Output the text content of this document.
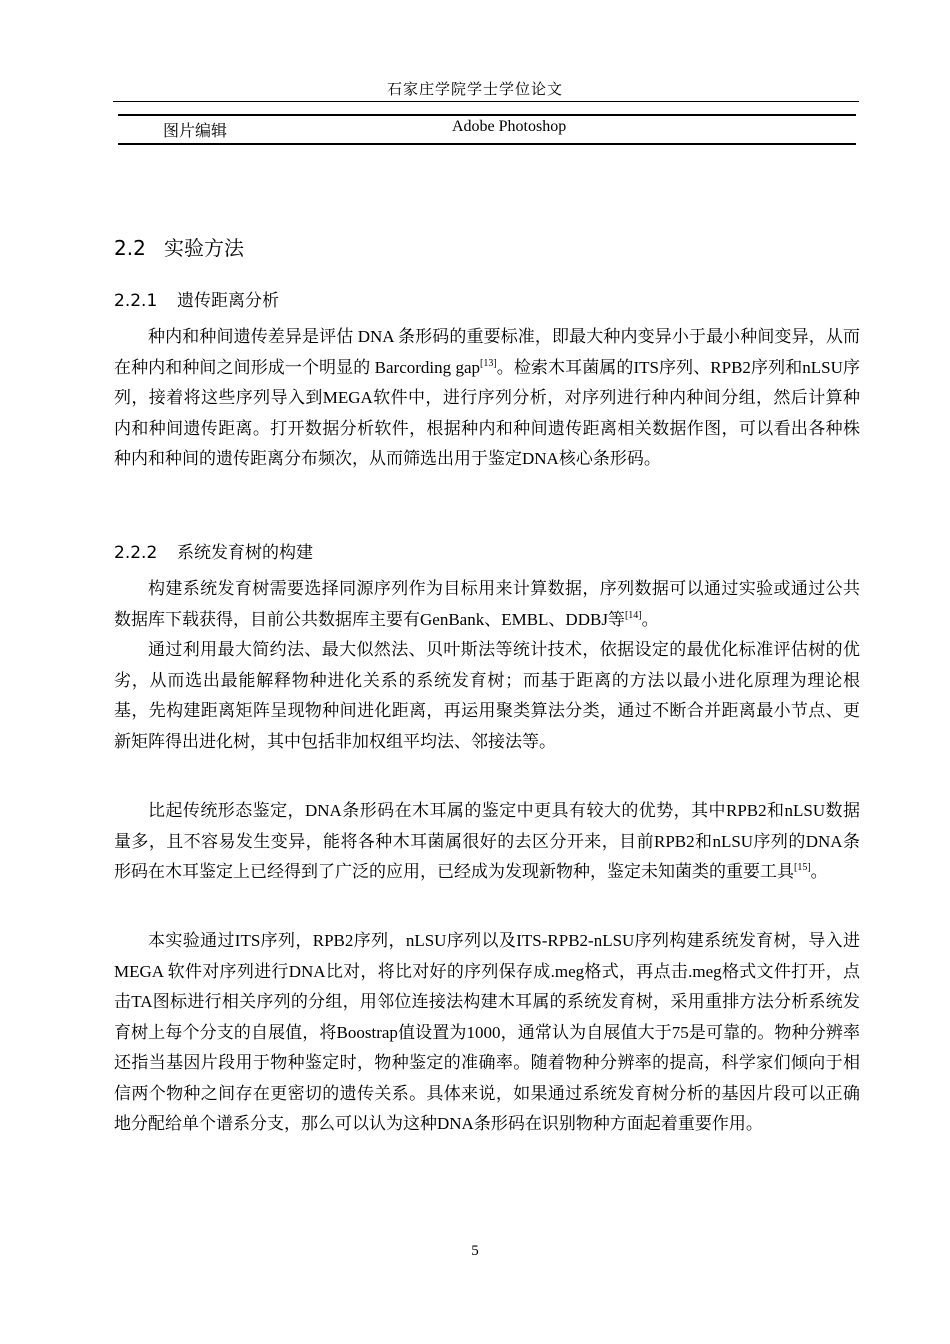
石家庄学院学士学位论文
图片编辑	Adobe Photoshop
2.2 实验方法
2.2.1 遗传距离分析

种内和种间遗传差异是评估 DNA 条形码的重要标准，即最大种内变异小于最小种间变异，从而在种内和种间之间形成一个明显的 Barcording gap[13]。检索木耳菌属的ITS序列、RPB2序列和nLSU序列，接着将这些序列导入到MEGA软件中，进行序列分析，对序列进行种内种间分组，然后计算种内和种间遗传距离。打开数据分析软件，根据种内和种间遗传距离相关数据作图，可以看出各种株种内和种间的遗传距离分布频次，从而筛选出用于鉴定DNA核心条形码。

2.2.2 系统发育树的构建

构建系统发育树需要选择同源序列作为目标用来计算数据，序列数据可以通过实验或通过公共数据库下载获得，目前公共数据库主要有GenBank、EMBL、DDBJ等[14]。

通过利用最大简约法、最大似然法、贝叶斯法等统计技术，依据设定的最优化标准评估树的优劣，从而选出最能解释物种进化关系的系统发育树；而基于距离的方法以最小进化原理为理论根基，先构建距离矩阵呈现物种间进化距离，再运用聚类算法分类，通过不断合并距离最小节点、更新矩阵得出进化树，其中包括非加权组平均法、邻接法等。

比起传统形态鉴定，DNA条形码在木耳属的鉴定中更具有较大的优势，其中RPB2和nLSU数据量多，且不容易发生变异，能将各种木耳菌属很好的去区分开来，目前RPB2和nLSU序列的DNA条形码在木耳鉴定上已经得到了广泛的应用，已经成为发现新物种，鉴定未知菌类的重要工具[15]。

本实验通过ITS序列，RPB2序列，nLSU序列以及ITS-RPB2-nLSU序列构建系统发育树，导入进MEGA 软件对序列进行DNA比对，将比对好的序列保存成.meg格式，再点击.meg格式文件打开，点击TA图标进行相关序列的分组，用邻位连接法构建木耳属的系统发育树，采用重排方法分析系统发育树上每个分支的自展值，将Boostrap值设置为1000，通常认为自展值大于75是可靠的。物种分辨率还指当基因片段用于物种鉴定时，物种鉴定的准确率。随着物种分辨率的提高，科学家们倾向于相信两个物种之间存在更密切的遗传关系。具体来说，如果通过系统发育树分析的基因片段可以正确地分配给单个谱系分支，那么可以认为这种DNA条形码在识别物种方面起着重要作用。

5
